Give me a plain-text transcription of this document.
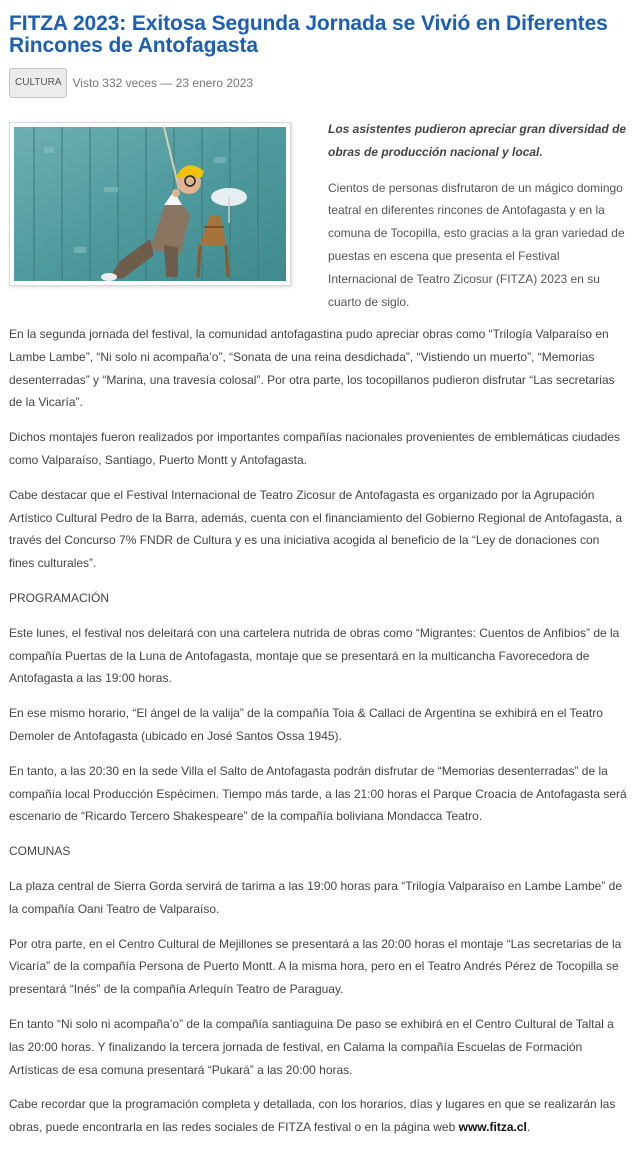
FITZA 2023: Exitosa Segunda Jornada se Vivió en Diferentes Rincones de Antofagasta
CULTURA Visto 332 veces — 23 enero 2023

Los asistentes pudieron apreciar gran diversidad de obras de producción nacional y local.

Cientos de personas disfrutaron de un mágico domingo teatral en diferentes rincones de Antofagasta y en la comuna de Tocopilla, esto gracias a la gran variedad de puestas en escena que presenta el Festival Internacional de Teatro Zicosur (FITZA) 2023 en su cuarto de siglo.

En la segunda jornada del festival, la comunidad antofagastina pudo apreciar obras como “Trilogía Valparaíso en Lambe Lambe”, “Ni solo ni acompaña’o”, “Sonata de una reina desdichada”, “Vistiendo un muerto”, “Memorias desenterradas” y “Marina, una travesía colosal”. Por otra parte, los tocopillanos pudieron disfrutar “Las secretarias de la Vicaría”.

Dichos montajes fueron realizados por importantes compañías nacionales provenientes de emblemáticas ciudades como Valparaíso, Santiago, Puerto Montt y Antofagasta.

Cabe destacar que el Festival Internacional de Teatro Zicosur de Antofagasta es organizado por la Agrupación Artístico Cultural Pedro de la Barra, además, cuenta con el financiamiento del Gobierno Regional de Antofagasta, a través del Concurso 7% FNDR de Cultura y es una iniciativa acogida al beneficio de la “Ley de donaciones con fines culturales”.

PROGRAMACIÓN

Este lunes, el festival nos deleitará con una cartelera nutrida de obras como “Migrantes: Cuentos de Anfibios” de la compañía Puertas de la Luna de Antofagasta, montaje que se presentará en la multicancha Favorecedora de Antofagasta a las 19:00 horas.

En ese mismo horario, “El ángel de la valija” de la compañía Toia & Callaci de Argentina se exhibirá en el Teatro Demoler de Antofagasta (ubicado en José Santos Ossa 1945).

En tanto, a las 20:30 en la sede Villa el Salto de Antofagasta podrán disfrutar de “Memorias desenterradas” de la compañía local Producción Espécimen. Tiempo más tarde, a las 21:00 horas el Parque Croacia de Antofagasta será escenario de “Ricardo Tercero Shakespeare” de la compañía boliviana Mondacca Teatro.

COMUNAS

La plaza central de Sierra Gorda servirá de tarima a las 19:00 horas para “Trilogía Valparaíso en Lambe Lambe” de la compañía Oani Teatro de Valparaíso.

Por otra parte, en el Centro Cultural de Mejillones se presentará a las 20:00 horas el montaje “Las secretarias de la Vicaría” de la compañía Persona de Puerto Montt. A la misma hora, pero en el Teatro Andrés Pérez de Tocopilla se presentará “Inés” de la compañía Arlequín Teatro de Paraguay.

En tanto “Ni solo ni acompaña’o” de la compañía santiaguina De paso se exhibirá en el Centro Cultural de Taltal a las 20:00 horas. Y finalizando la tercera jornada de festival, en Calama la compañía Escuelas de Formación Artísticas de esa comuna presentará “Pukará” a las 20:00 horas.

Cabe recordar que la programación completa y detallada, con los horarios, días y lugares en que se realizarán las obras, puede encontrarla en las redes sociales de FITZA festival o en la página web www.fitza.cl.
